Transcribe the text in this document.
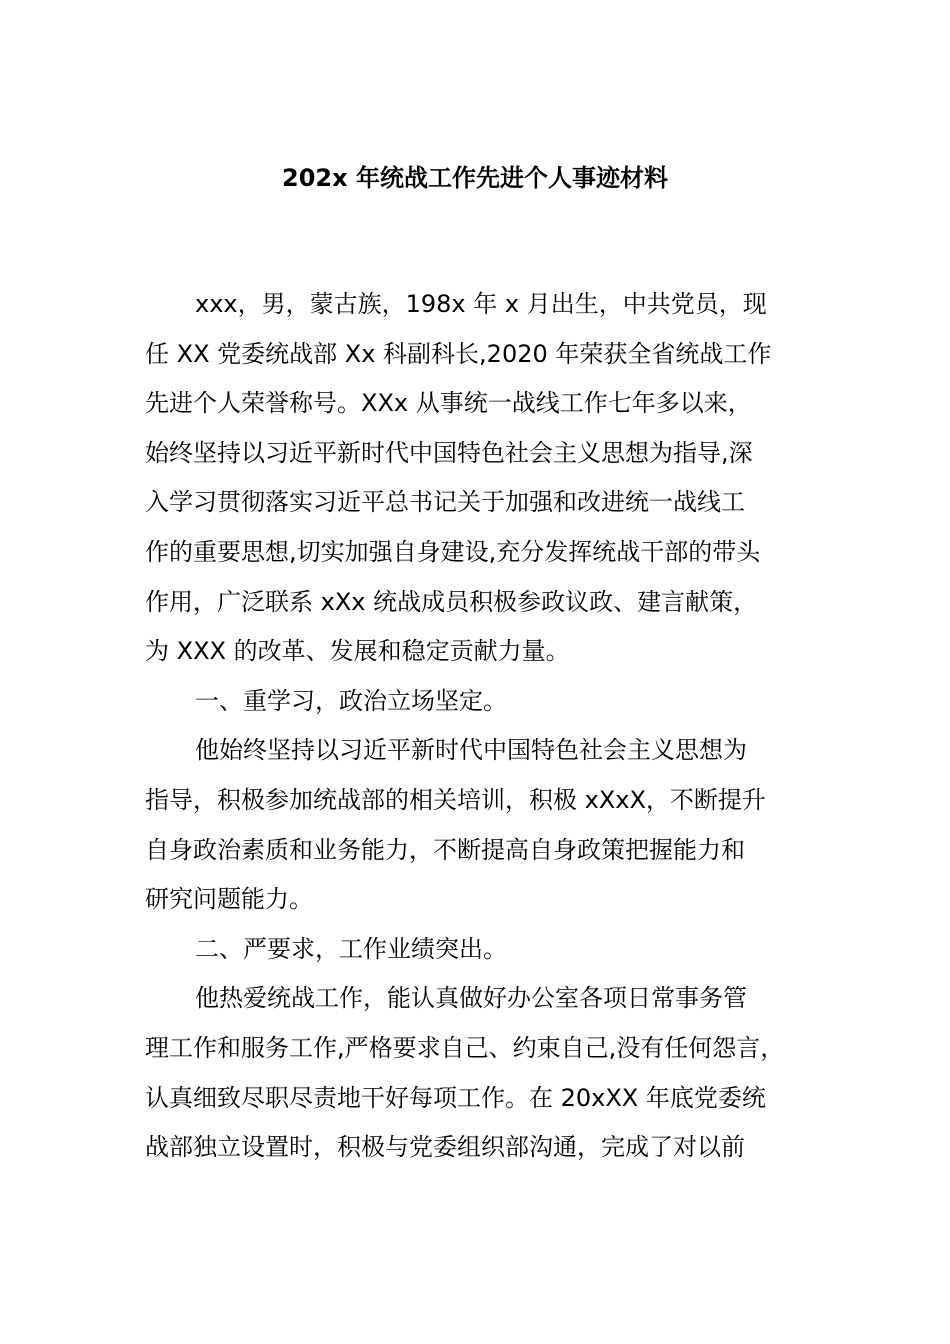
202x 年统战工作先进个人事迹材料

xxx，男，蒙古族，198x 年 x 月出生，中共党员，现

任 XX 党委统战部 Xx 科副科长,2020 年荣获全省统战工作

先进个人荣誉称号。XXx 从事统一战线工作七年多以来，

始终坚持以习近平新时代中国特色社会主义思想为指导,深

入学习贯彻落实习近平总书记关于加强和改进统一战线工

作的重要思想,切实加强自身建设,充分发挥统战干部的带头

作用，广泛联系 xXx 统战成员积极参政议政、建言献策，

为 XXX 的改革、发展和稳定贡献力量。

一、重学习，政治立场坚定。

他始终坚持以习近平新时代中国特色社会主义思想为

指导，积极参加统战部的相关培训，积极 xXxX，不断提升

自身政治素质和业务能力，不断提高自身政策把握能力和

研究问题能力。

二、严要求，工作业绩突出。

他热爱统战工作，能认真做好办公室各项日常事务管

理工作和服务工作,严格要求自己、约束自己,没有任何怨言，

认真细致尽职尽责地干好每项工作。在 20xXX 年底党委统

战部独立设置时，积极与党委组织部沟通，完成了对以前
